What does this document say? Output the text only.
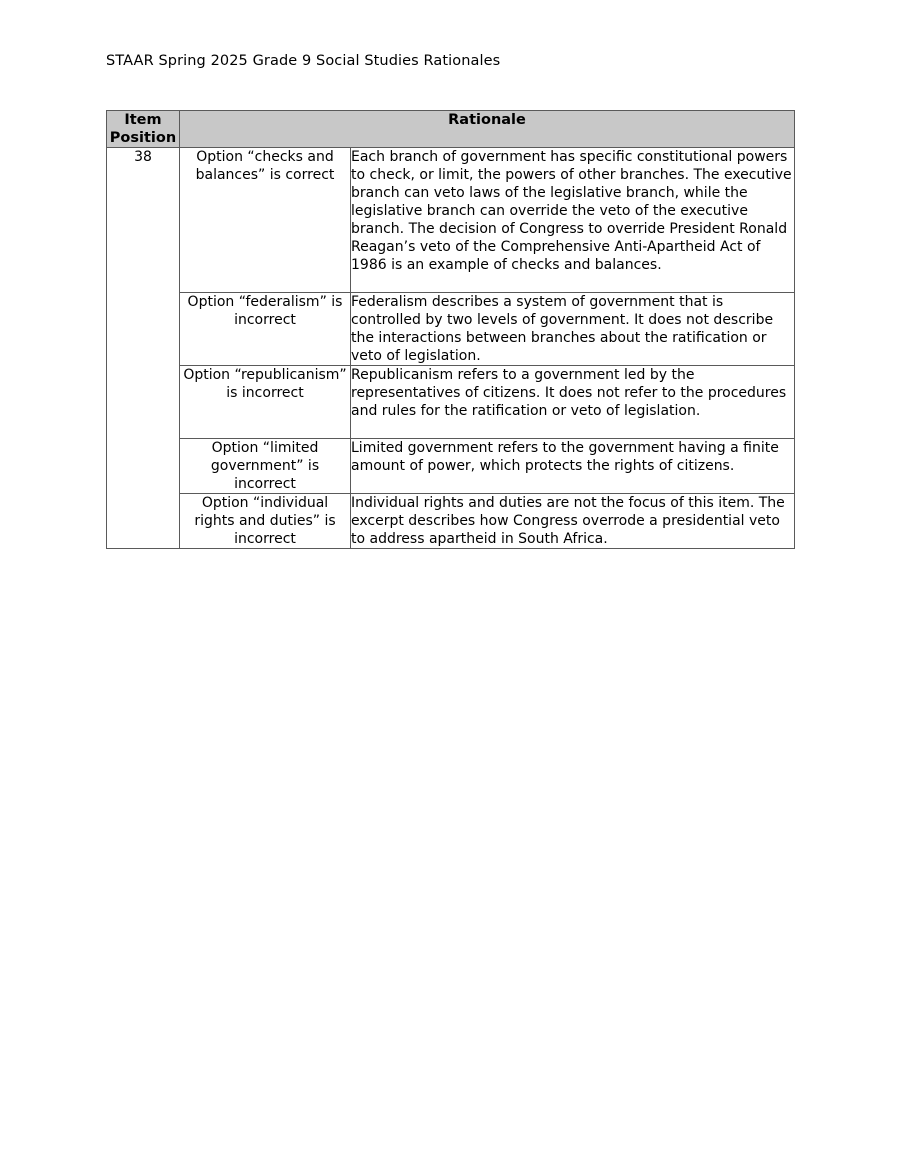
STAAR Spring 2025 Grade 9 Social Studies Rationales
Item
Position	Rationale	
38	Option “checks and balances” is correct	Each branch of government has specific constitutional powers to check, or limit, the powers of other branches. The executive branch can veto laws of the legislative branch, while the legislative branch can override the veto of the executive branch. The decision of Congress to override President Ronald Reagan’s veto of the Comprehensive Anti-Apartheid Act of 1986 is an example of checks and balances.
	Option “federalism” is incorrect	Federalism describes a system of government that is controlled by two levels of government. It does not describe the interactions between branches about the ratification or veto of legislation.
	Option “republicanism” is incorrect	Republicanism refers to a government led by the representatives of citizens. It does not refer to the procedures and rules for the ratification or veto of legislation.
	Option “limited government” is incorrect	Limited government refers to the government having a finite amount of power, which protects the rights of citizens.
	Option “individual rights and duties” is incorrect	Individual rights and duties are not the focus of this item. The excerpt describes how Congress overrode a presidential veto to address apartheid in South Africa.
